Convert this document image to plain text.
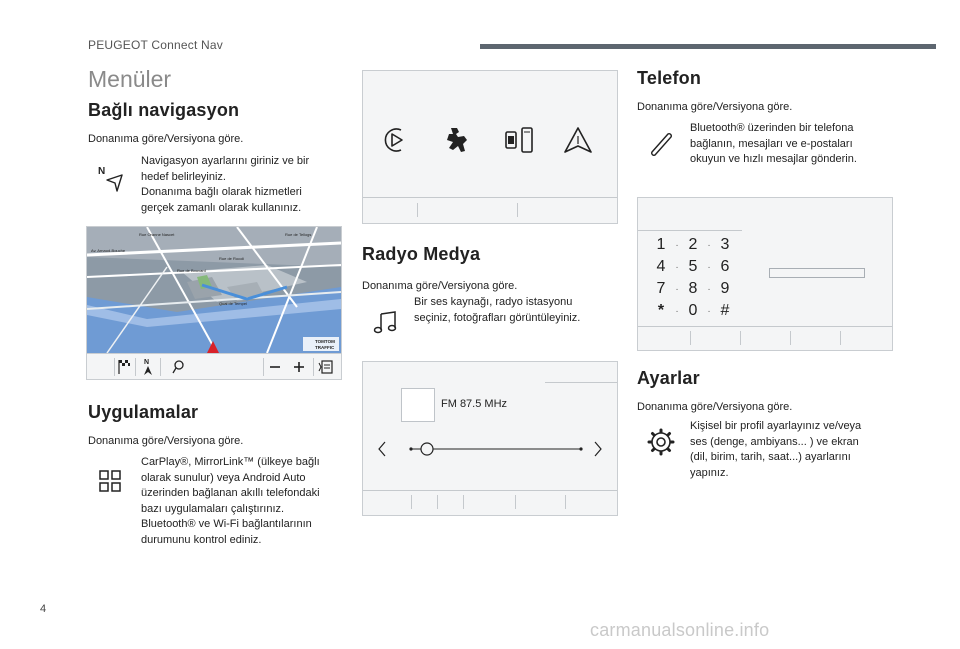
PEUGEOT Connect Nav
Menüler
Bağlı navigasyon
Donanıma göre/Versiyona göre.
N
Navigasyon ayarlarını giriniz ve bir
hedef belirleyiniz.
Donanıma bağlı olarak hizmetleri
gerçek zamanlı olarak kullanınız.
Rue Oranne Nascet	Rue de Tellogs
Av. Arnaud-Bouche
Rue de Rocoli
Rue de Bouvard
Quai de Tempel
TOMTOM
TRAFFIC
N
Uygulamalar
Donanıma göre/Versiyona göre.
CarPlay®, MirrorLink™ (ülkeye bağlı
olarak sunulur) veya Android Auto
üzerinden bağlanan akıllı telefondaki
bazı uygulamaları çalıştırınız.
Bluetooth® ve Wi-Fi bağlantılarının
durumunu kontrol ediniz.
Radyo Medya
Donanıma göre/Versiyona göre.
Bir ses kaynağı, radyo istasyonu
seçiniz, fotoğrafları görüntüleyiniz.
FM 87.5 MHz
Telefon
Donanıma göre/Versiyona göre.
Bluetooth® üzerinden bir telefona
bağlanın, mesajları ve e-postaları
okuyun ve hızlı mesajlar gönderin.
1 · 2 · 3
4 · 5 · 6
7 · 8 · 9
*	· 0 · #
Ayarlar
Donanıma göre/Versiyona göre.
Kişisel bir profil ayarlayınız ve/veya
ses (denge, ambiyans... ) ve ekran
(dil, birim, tarih, saat...) ayarlarını
yapınız.
4
carmanualsonline.info
